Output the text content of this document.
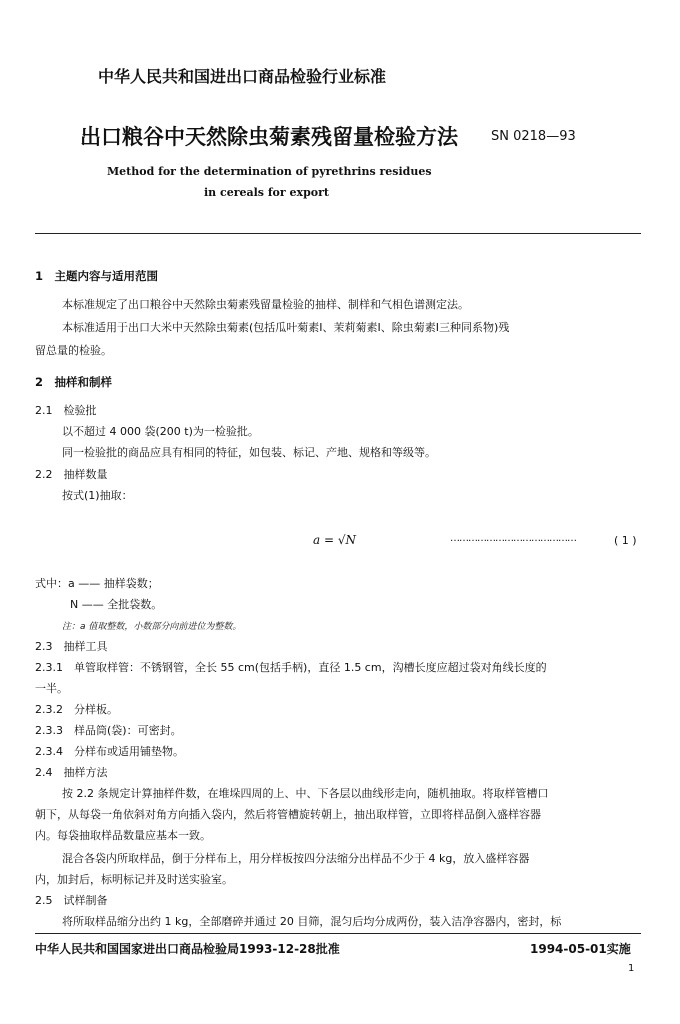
中华人民共和国进出口商品检验行业标准
出口粮谷中天然除虫菊素残留量检验方法	SN 0218—93
Method for the determination of pyrethrins residues
in cereals for export
1　主题内容与适用范围
本标准规定了出口粮谷中天然除虫菊素残留量检验的抽样、制样和气相色谱测定法。
本标准适用于出口大米中天然除虫菊素(包括瓜叶菊素Ⅰ、茉莉菊素Ⅰ、除虫菊素Ⅰ三种同系物)残
留总量的检验。
2　抽样和制样
2.1　检验批
以不超过 4 000 袋(200 t)为一检验批。
同一检验批的商品应具有相同的特征，如包装、标记、产地、规格和等级等。
2.2　抽样数量
按式(1)抽取：
a = √N	……………………………………	( 1 )
式中：a —— 抽样袋数；
N —— 全批袋数。
注：a 值取整数，小数部分向前进位为整数。
2.3　抽样工具
2.3.1　单管取样管：不锈钢管，全长 55 cm(包括手柄)，直径 1.5 cm，沟槽长度应超过袋对角线长度的
一半。
2.3.2　分样板。
2.3.3　样品筒(袋)：可密封。
2.3.4　分样布或适用铺垫物。
2.4　抽样方法
按 2.2 条规定计算抽样件数，在堆垛四周的上、中、下各层以曲线形走向，随机抽取。将取样管槽口
朝下，从每袋一角依斜对角方向插入袋内，然后将管槽旋转朝上，抽出取样管，立即将样品倒入盛样容器
内。每袋抽取样品数量应基本一致。
混合各袋内所取样品，倒于分样布上，用分样板按四分法缩分出样品不少于 4 kg，放入盛样容器
内，加封后，标明标记并及时送实验室。
2.5　试样制备
将所取样品缩分出约 1 kg，全部磨碎并通过 20 目筛，混匀后均分成两份，装入洁净容器内，密封，标
中华人民共和国国家进出口商品检验局1993-12-28批准	1994-05-01实施
1
